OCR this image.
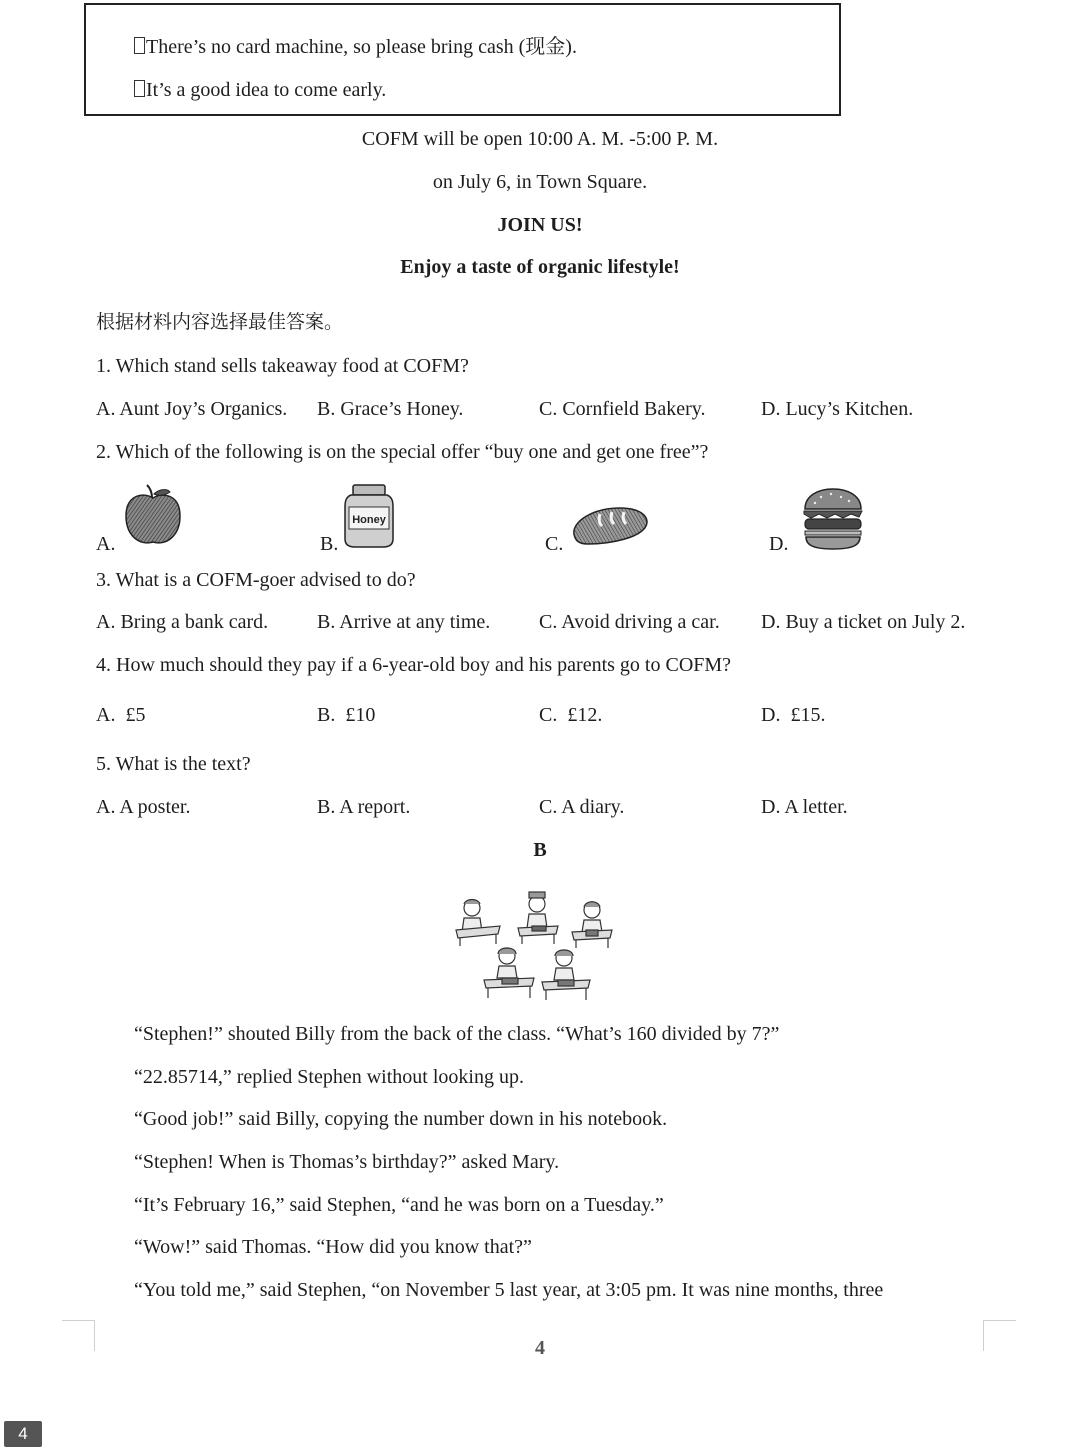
There’s no card machine, so please bring cash (现金).
It’s a good idea to come early.
COFM will be open 10:00 A. M. -5:00 P. M.
on July 6, in Town Square.
JOIN US!
Enjoy a taste of organic lifestyle!
根据材料内容选择最佳答案。
1. Which stand sells takeaway food at COFM?
A. Aunt Joy’s Organics. B. Grace’s Honey.	C. Cornfield Bakery.	D. Lucy’s Kitchen.
2. Which of the following is on the special offer “buy one and get one free”?
A.	B.	C.	D.
Honey
3. What is a COFM-goer advised to do?
A. Bring a bank card. B. Arrive at any time. C. Avoid driving a car. D. Buy a ticket on July 2.
4. How much should they pay if a 6-year-old boy and his parents go to COFM?
A.  £5	B.  £10	C.  £12.	D.  £15.
5. What is the text?
A. A poster.	B. A report.	C. A diary.	D. A letter.
B
“Stephen!” shouted Billy from the back of the class. “What’s 160 divided by 7?”
“22.85714,” replied Stephen without looking up.
“Good job!” said Billy, copying the number down in his notebook.
“Stephen! When is Thomas’s birthday?” asked Mary.
“It’s February 16,” said Stephen, “and he was born on a Tuesday.”
“Wow!” said Thomas. “How did you know that?”
“You told me,” said Stephen, “on November 5 last year, at 3:05 pm. It was nine months, three
4
4
